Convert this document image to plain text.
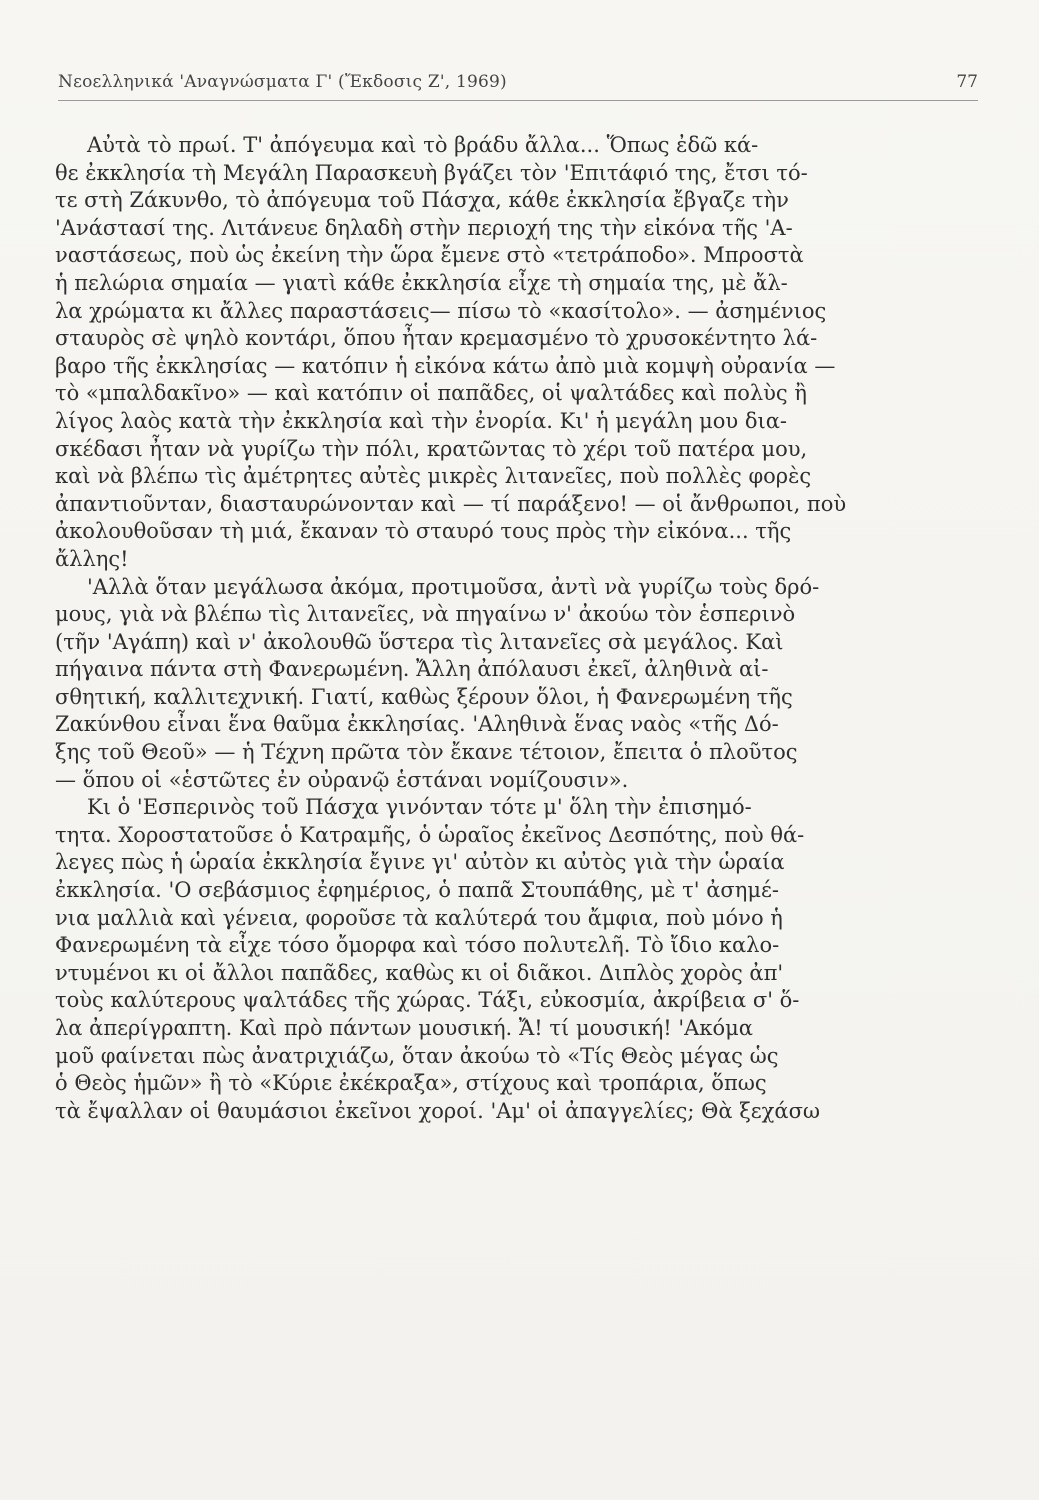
Νεοελληνικά 'Αναγνώσματα Γ' (Ἔκδοσις Ζ', 1969)	77
Αὐτὰ τὸ πρωί. Τ' ἀπόγευμα καὶ τὸ βράδυ ἄλλα... Ὅπως ἐδῶ κά-
θε ἐκκλησία τὴ Μεγάλη Παρασκευὴ βγάζει τὸν 'Επιτάφιό της, ἔτσι τό-
τε στὴ Ζάκυνθο, τὸ ἀπόγευμα τοῦ Πάσχα, κάθε ἐκκλησία ἔβγαζε τὴν
'Ανάστασί της. Λιτάνευε δηλαδὴ στὴν περιοχή της τὴν εἰκόνα τῆς 'Α-
ναστάσεως, ποὺ ὡς ἐκείνη τὴν ὥρα ἔμενε στὸ «τετράποδο». Μπροστὰ
ἡ πελώρια σημαία — γιατὶ κάθε ἐκκλησία εἶχε τὴ σημαία της, μὲ ἄλ-
λα χρώματα κι ἄλλες παραστάσεις— πίσω τὸ «κασίτολο». — ἀσημένιος
σταυρὸς σὲ ψηλὸ κοντάρι, ὅπου ἦταν κρεμασμένο τὸ χρυσοκέντητο λά-
βαρο τῆς ἐκκλησίας — κατόπιν ἡ εἰκόνα κάτω ἀπὸ μιὰ κομψὴ οὐρανία —
τὸ «μπαλδακῖνο» — καὶ κατόπιν οἱ παπᾶδες, οἱ ψαλτάδες καὶ πολὺς ἢ
λίγος λαὸς κατὰ τὴν ἐκκλησία καὶ τὴν ἐνορία. Κι' ἡ μεγάλη μου δια-
σκέδασι ἦταν νὰ γυρίζω τὴν πόλι, κρατῶντας τὸ χέρι τοῦ πατέρα μου,
καὶ νὰ βλέπω τὶς ἀμέτρητες αὐτὲς μικρὲς λιτανεῖες, ποὺ πολλὲς φορὲς
ἀπαντιοῦνταν, διασταυρώνονταν καὶ — τί παράξενο! — οἱ ἄνθρωποι, ποὺ
ἀκολουθοῦσαν τὴ μιά, ἔκαναν τὸ σταυρό τους πρὸς τὴν εἰκόνα... τῆς
ἄλλης!
'Αλλὰ ὅταν μεγάλωσα ἀκόμα, προτιμοῦσα, ἀντὶ νὰ γυρίζω τοὺς δρό-
μους, γιὰ νὰ βλέπω τὶς λιτανεῖες, νὰ πηγαίνω ν' ἀκούω τὸν ἑσπερινὸ
(τῆν 'Αγάπη) καὶ ν' ἀκολουθῶ ὕστερα τὶς λιτανεῖες σὰ μεγάλος. Καὶ
πήγαινα πάντα στὴ Φανερωμένη. Ἄλλη ἀπόλαυσι ἐκεῖ, ἀληθινὰ αἰ-
σθητική, καλλιτεχνική. Γιατί, καθὼς ξέρουν ὅλοι, ἡ Φανερωμένη τῆς
Ζακύνθου εἶναι ἕνα θαῦμα ἐκκλησίας. 'Αληθινὰ ἕνας ναὸς «τῆς Δό-
ξης τοῦ Θεοῦ» — ἡ Τέχνη πρῶτα τὸν ἔκανε τέτοιον, ἔπειτα ὁ πλοῦτος
— ὅπου οἱ «ἑστῶτες ἐν οὐρανῷ ἑστάναι νομίζουσιν».
Κι ὁ 'Εσπερινὸς τοῦ Πάσχα γινόνταν τότε μ' ὅλη τὴν ἐπισημό-
τητα. Χοροστατοῦσε ὁ Κατραμῆς, ὁ ὡραῖος ἐκεῖνος Δεσπότης, ποὺ θά-
λεγες πὼς ἡ ὡραία ἐκκλησία ἔγινε γι' αὐτὸν κι αὐτὸς γιὰ τὴν ὡραία
ἐκκλησία. 'Ο σεβάσμιος ἐφημέριος, ὁ παπᾶ Στουπάθης, μὲ τ' ἀσημέ-
νια μαλλιὰ καὶ γένεια, φοροῦσε τὰ καλύτερά του ἄμφια, ποὺ μόνο ἡ
Φανερωμένη τὰ εἶχε τόσο ὄμορφα καὶ τόσο πολυτελῆ. Τὸ ἴδιο καλο-
ντυμένοι κι οἱ ἄλλοι παπᾶδες, καθὼς κι οἱ διᾶκοι. Διπλὸς χορὸς ἀπ'
τοὺς καλύτερους ψαλτάδες τῆς χώρας. Τάξι, εὐκοσμία, ἀκρίβεια σ' ὅ-
λα ἀπερίγραπτη. Καὶ πρὸ πάντων μουσική. Ἄ! τί μουσική! 'Ακόμα
μοῦ φαίνεται πὼς ἀνατριχιάζω, ὅταν ἀκούω τὸ «Τίς Θεὸς μέγας ὡς
ὁ Θεὸς ἡμῶν» ἢ τὸ «Κύριε ἐκέκραξα», στίχους καὶ τροπάρια, ὅπως
τὰ ἔψαλλαν οἱ θαυμάσιοι ἐκεῖνοι χοροί. 'Αμ' οἱ ἀπαγγελίες; Θὰ ξεχάσω
